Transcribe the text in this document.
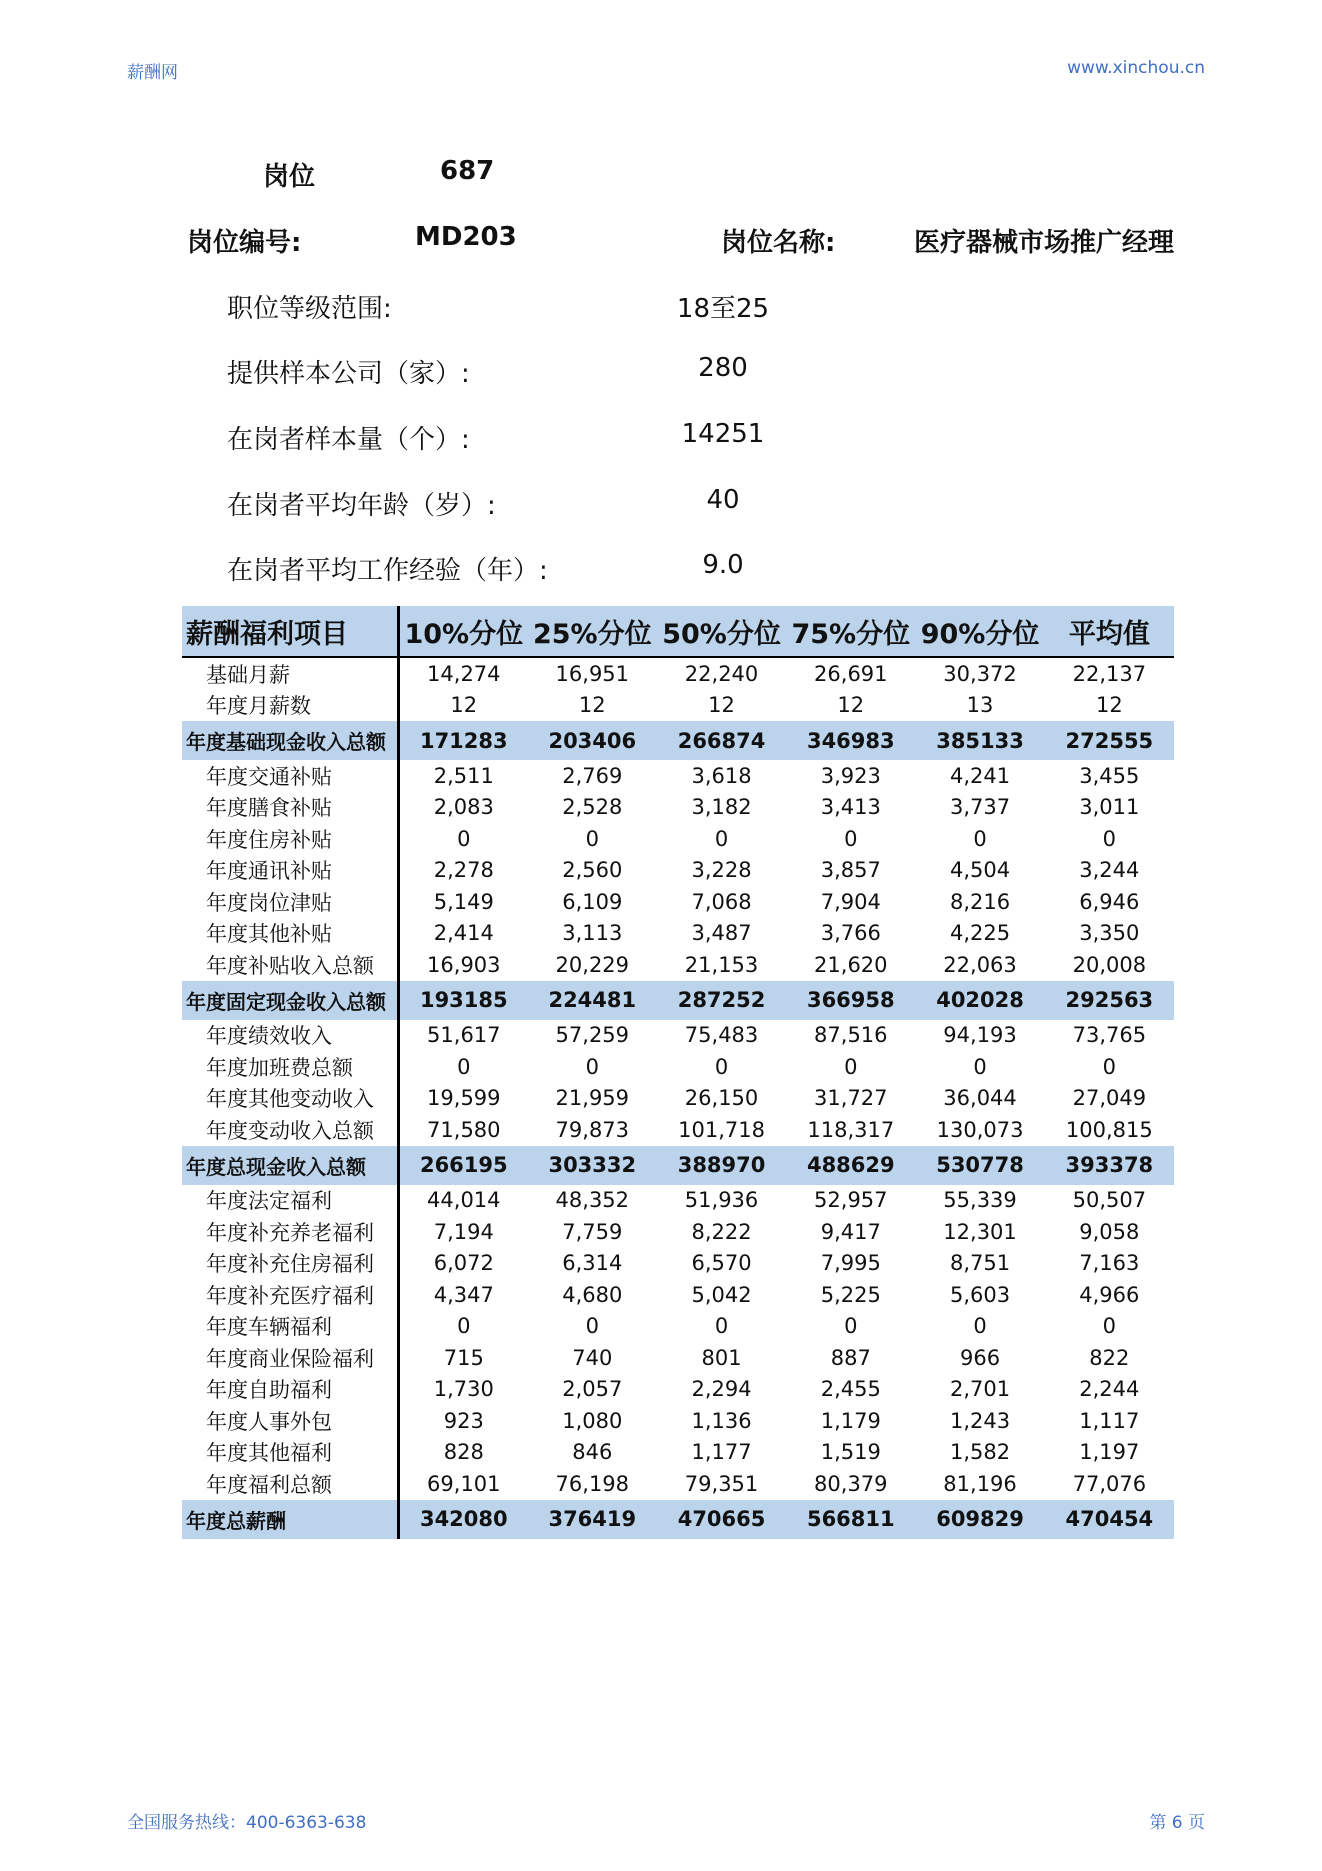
薪酬网	www.xinchou.cn
岗位	687
岗位编号:	MD203	岗位名称:	医疗器械市场推广经理
职位等级范围:	18至25
提供样本公司（家）:	280
在岗者样本量（个）:	14251
在岗者平均年龄（岁）:	40
在岗者平均工作经验（年）:	9.0
薪酬福利项目	10%分位	25%分位	50%分位	75%分位	90%分位	平均值
基础月薪	14,274	16,951	22,240	26,691	30,372	22,137
年度月薪数	12	12	12	12	13	12
年度基础现金收入总额	171283	203406	266874	346983	385133	272555
年度交通补贴	2,511	2,769	3,618	3,923	4,241	3,455
年度膳食补贴	2,083	2,528	3,182	3,413	3,737	3,011
年度住房补贴	0	0	0	0	0	0
年度通讯补贴	2,278	2,560	3,228	3,857	4,504	3,244
年度岗位津贴	5,149	6,109	7,068	7,904	8,216	6,946
年度其他补贴	2,414	3,113	3,487	3,766	4,225	3,350
年度补贴收入总额	16,903	20,229	21,153	21,620	22,063	20,008
年度固定现金收入总额	193185	224481	287252	366958	402028	292563
年度绩效收入	51,617	57,259	75,483	87,516	94,193	73,765
年度加班费总额	0	0	0	0	0	0
年度其他变动收入	19,599	21,959	26,150	31,727	36,044	27,049
年度变动收入总额	71,580	79,873	101,718	118,317	130,073	100,815
年度总现金收入总额	266195	303332	388970	488629	530778	393378
年度法定福利	44,014	48,352	51,936	52,957	55,339	50,507
年度补充养老福利	7,194	7,759	8,222	9,417	12,301	9,058
年度补充住房福利	6,072	6,314	6,570	7,995	8,751	7,163
年度补充医疗福利	4,347	4,680	5,042	5,225	5,603	4,966
年度车辆福利	0	0	0	0	0	0
年度商业保险福利	715	740	801	887	966	822
年度自助福利	1,730	2,057	2,294	2,455	2,701	2,244
年度人事外包	923	1,080	1,136	1,179	1,243	1,117
年度其他福利	828	846	1,177	1,519	1,582	1,197
年度福利总额	69,101	76,198	79,351	80,379	81,196	77,076
年度总薪酬	342080	376419	470665	566811	609829	470454
全国服务热线：400-6363-638	第 6 页
